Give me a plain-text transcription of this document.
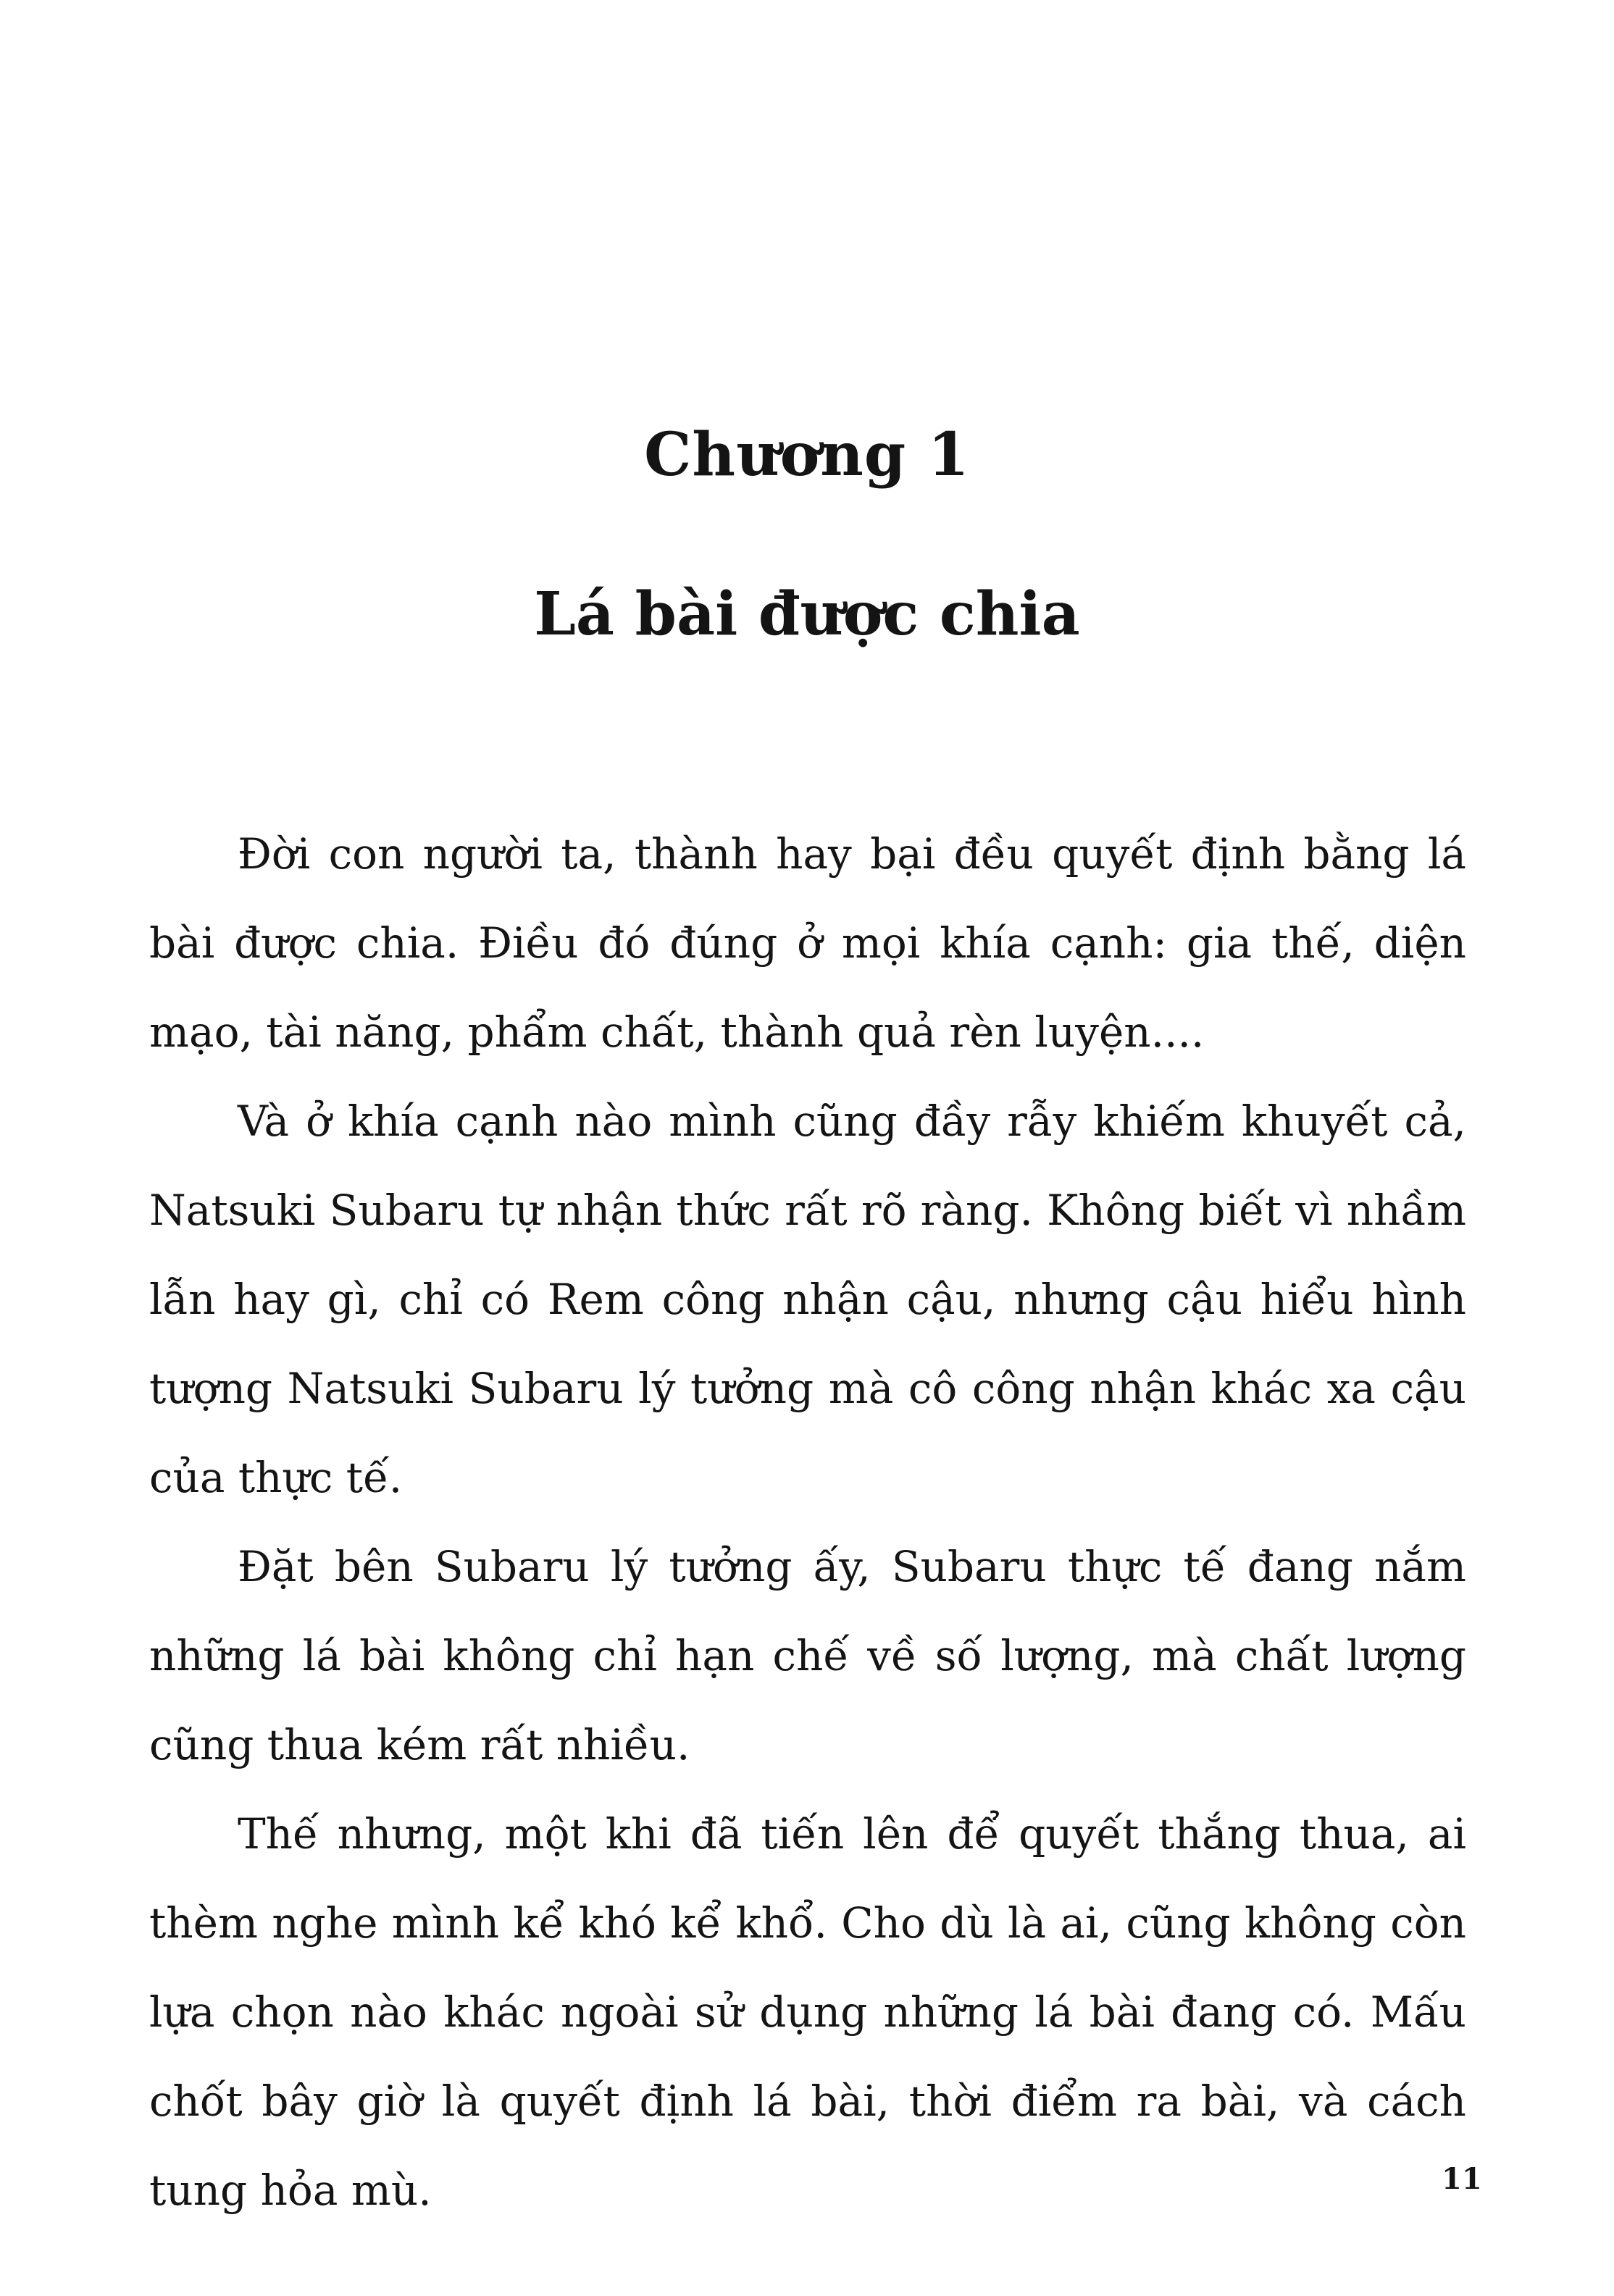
Chương 1
Lá bài được chia

Đời con người ta, thành hay bại đều quyết định bằng lá bài được chia. Điều đó đúng ở mọi khía cạnh: gia thế, diện mạo, tài năng, phẩm chất, thành quả rèn luyện....

Và ở khía cạnh nào mình cũng đầy rẫy khiếm khuyết cả, Natsuki Subaru tự nhận thức rất rõ ràng. Không biết vì nhầm lẫn hay gì, chỉ có Rem công nhận cậu, nhưng cậu hiểu hình tượng Natsuki Subaru lý tưởng mà cô công nhận khác xa cậu của thực tế.

Đặt bên Subaru lý tưởng ấy, Subaru thực tế đang nắm những lá bài không chỉ hạn chế về số lượng, mà chất lượng cũng thua kém rất nhiều.

Thế nhưng, một khi đã tiến lên để quyết thắng thua, ai thèm nghe mình kể khó kể khổ. Cho dù là ai, cũng không còn lựa chọn nào khác ngoài sử dụng những lá bài đang có. Mấu chốt bây giờ là quyết định lá bài, thời điểm ra bài, và cách tung hỏa mù.	11
